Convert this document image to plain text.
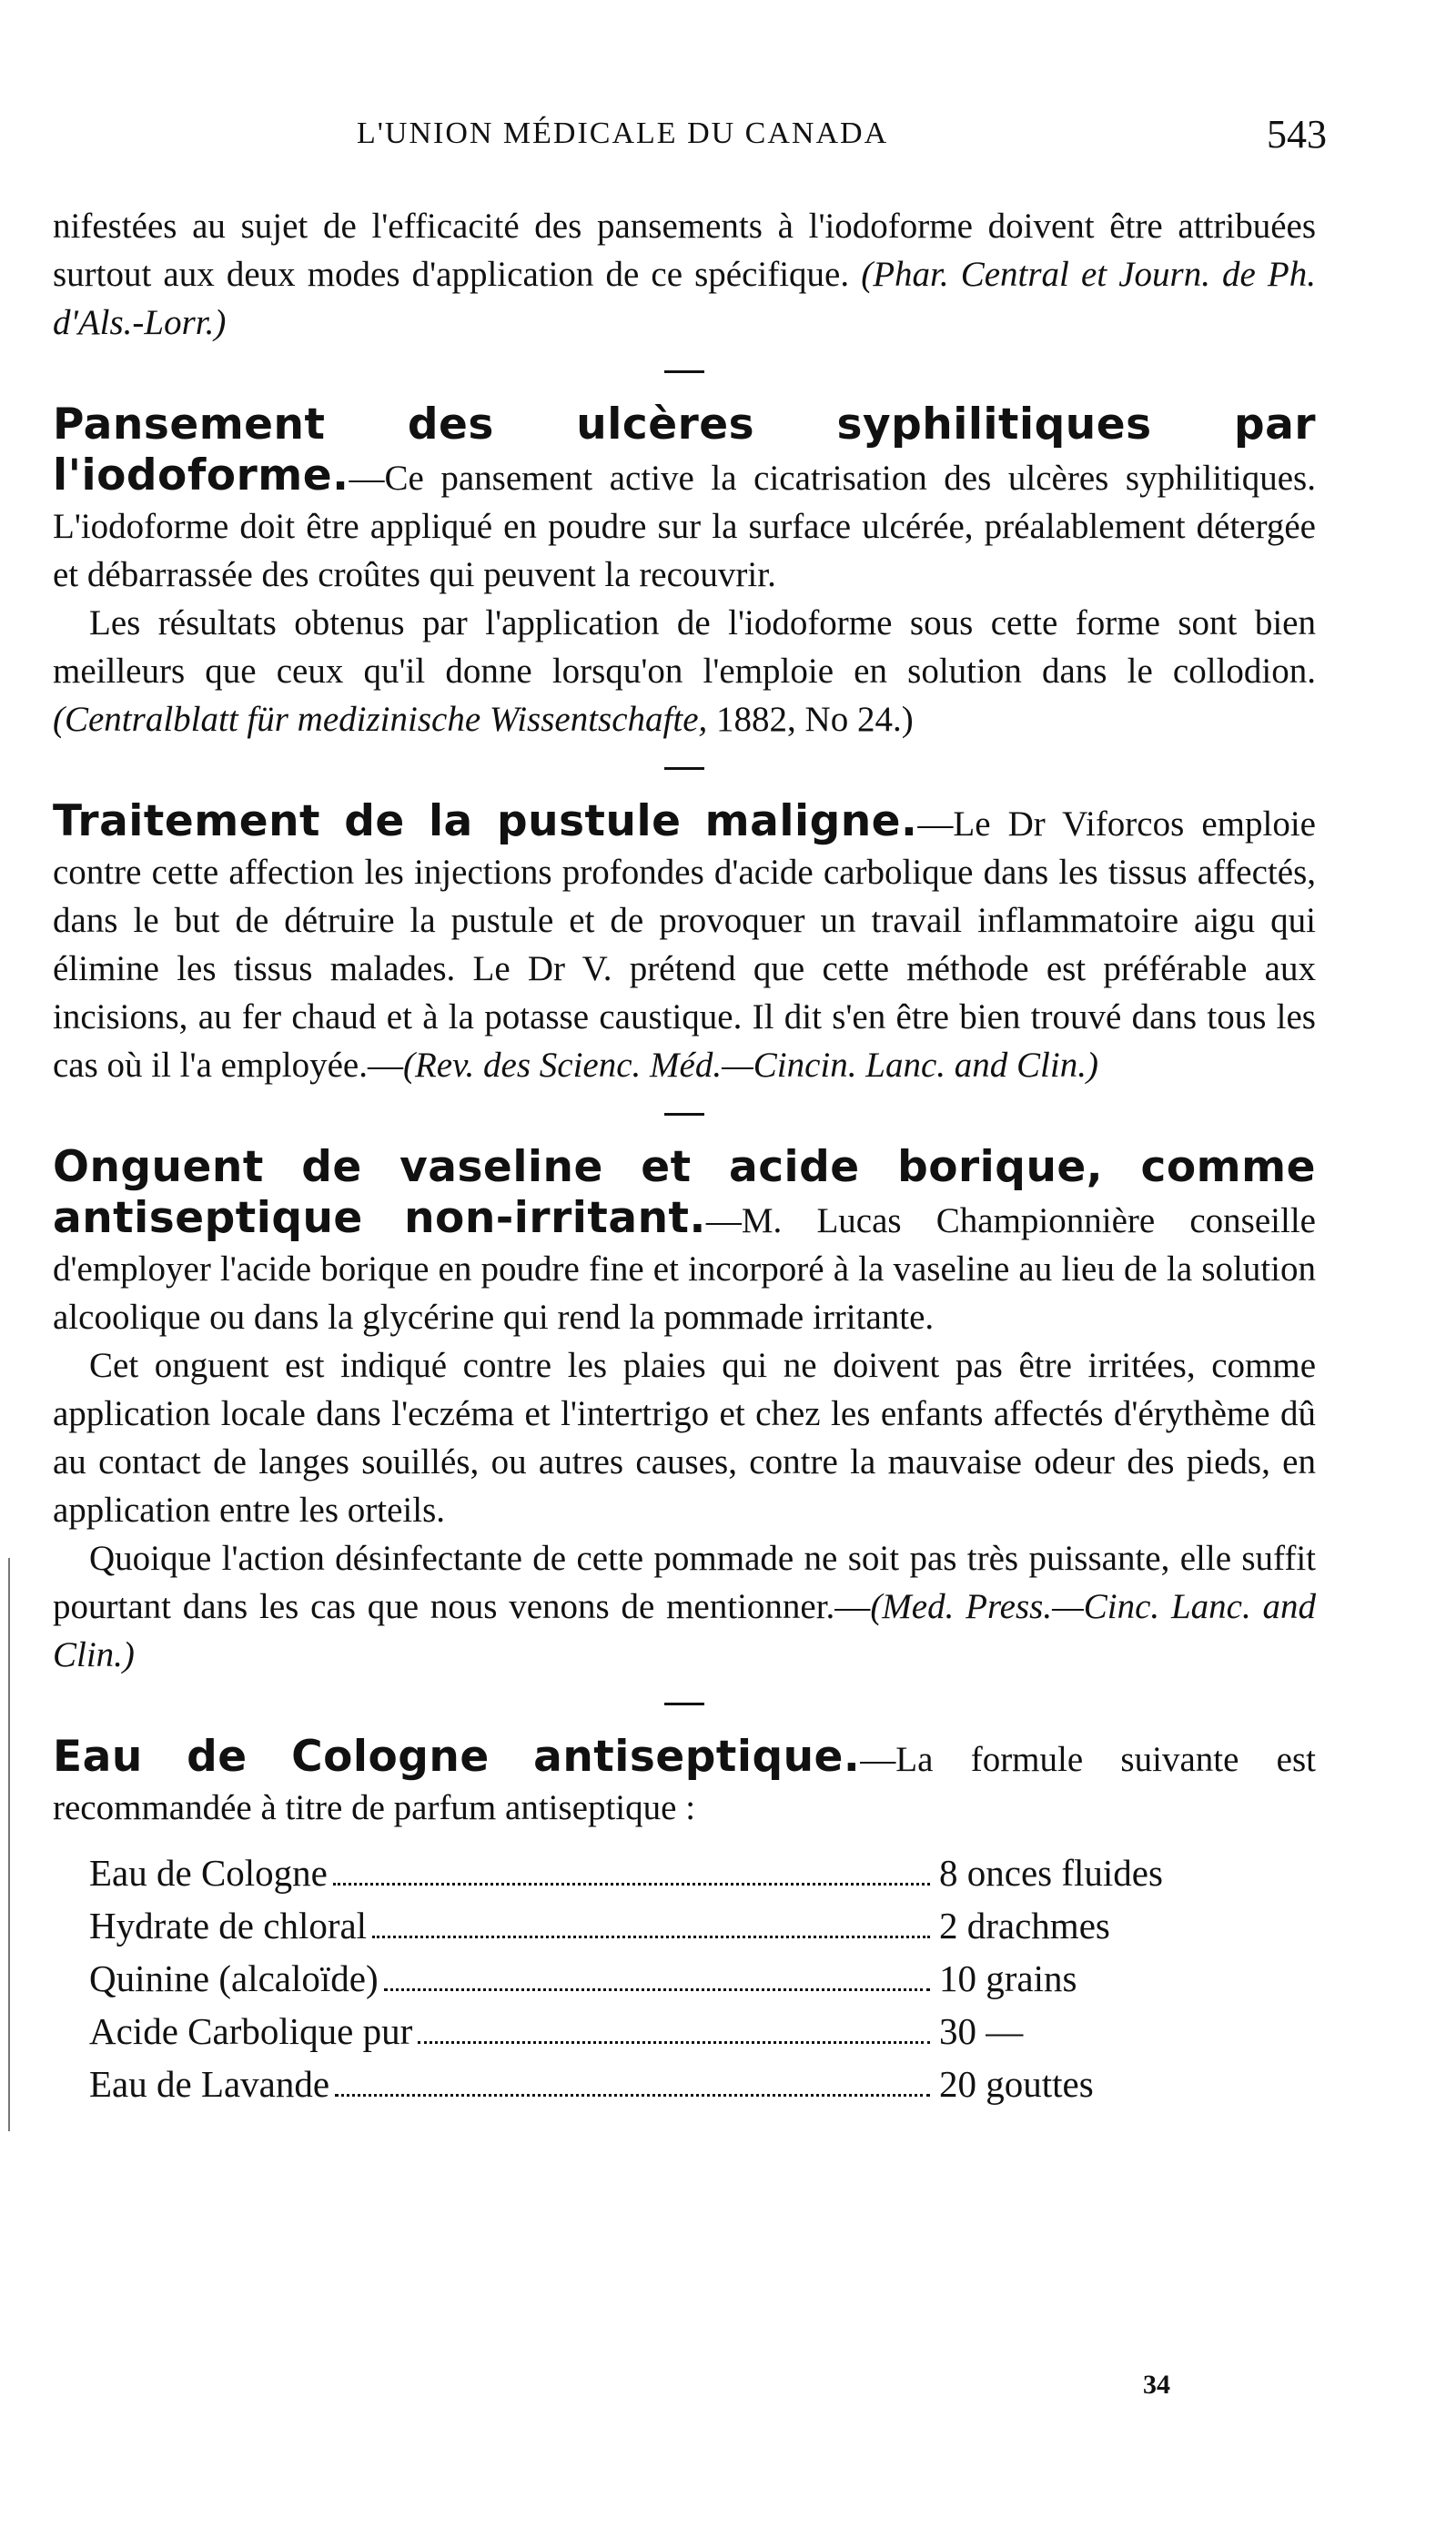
L'UNION MÉDICALE DU CANADA	543

nifestées au sujet de l'efficacité des pansements à l'iodoforme doivent être attribuées surtout aux deux modes d'application de ce spécifique. (Phar. Central et Journ. de Ph. d'Als.-Lorr.)

Pansement des ulcères syphilitiques par l'iodoforme.—Ce pansement active la cicatrisation des ulcères syphilitiques. L'iodoforme doit être appliqué en poudre sur la surface ulcérée, préalablement détergée et débarrassée des croûtes qui peuvent la recouvrir.

Les résultats obtenus par l'application de l'iodoforme sous cette forme sont bien meilleurs que ceux qu'il donne lorsqu'on l'emploie en solution dans le collodion. (Centralblatt für medizinische Wissentschafte, 1882, No 24.)

Traitement de la pustule maligne.—Le Dr Viforcos emploie contre cette affection les injections profondes d'acide carbolique dans les tissus affectés, dans le but de détruire la pustule et de provoquer un travail inflammatoire aigu qui élimine les tissus malades. Le Dr V. prétend que cette méthode est préférable aux incisions, au fer chaud et à la potasse caustique. Il dit s'en être bien trouvé dans tous les cas où il l'a employée.—(Rev. des Scienc. Méd.—Cincin. Lanc. and Clin.)

Onguent de vaseline et acide borique, comme antiseptique non-irritant.—M. Lucas Championnière conseille d'employer l'acide borique en poudre fine et incorporé à la vaseline au lieu de la solution alcoolique ou dans la glycérine qui rend la pommade irritante.

Cet onguent est indiqué contre les plaies qui ne doivent pas être irritées, comme application locale dans l'eczéma et l'intertrigo et chez les enfants affectés d'érythème dû au contact de langes souillés, ou autres causes, contre la mauvaise odeur des pieds, en application entre les orteils.

Quoique l'action désinfectante de cette pommade ne soit pas très puissante, elle suffit pourtant dans les cas que nous venons de mentionner.—(Med. Press.—Cinc. Lanc. and Clin.)

Eau de Cologne antiseptique.—La formule suivante est recommandée à titre de parfum antiseptique :

Eau de Cologne	8 onces fluides
Hydrate de chloral	2 drachmes
Quinine (alcaloïde)	10 grains
Acide Carbolique pur	30 —
Eau de Lavande	20 gouttes
34
